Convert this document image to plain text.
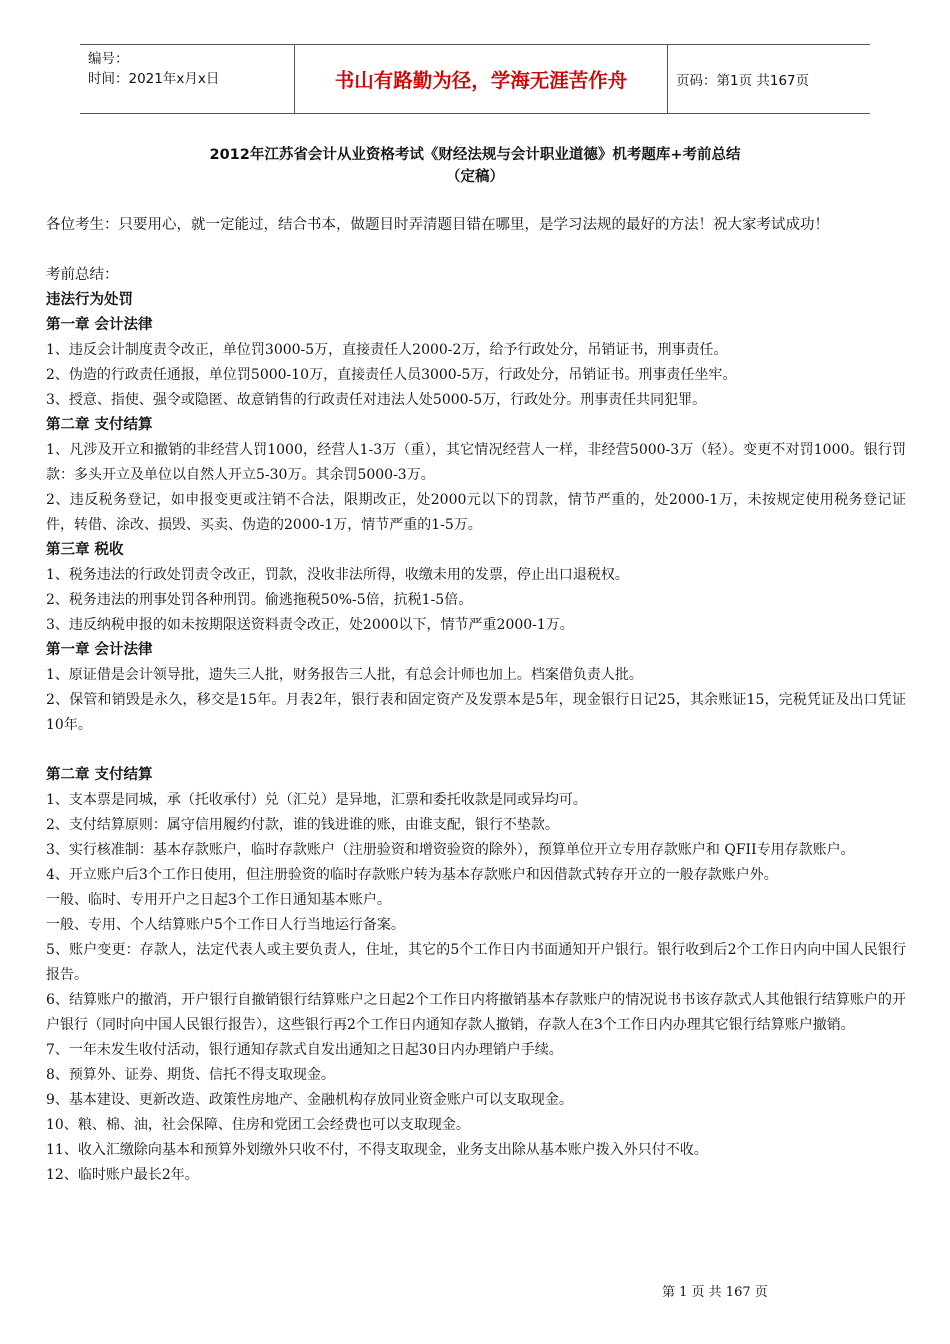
编号：
时间：2021年x月x日	书山有路勤为径，学海无涯苦作舟	页码：第1页 共167页
2012年江苏省会计从业资格考试《财经法规与会计职业道德》机考题库+考前总结
（定稿）

各位考生：只要用心，就一定能过，结合书本，做题目时弄清题目错在哪里，是学习法规的最好的方法！祝大家考试成功！

考前总结：

违法行为处罚

第一章 会计法律

1、违反会计制度责令改正，单位罚3000-5万，直接责任人2000-2万，给予行政处分，吊销证书，刑事责任。

2、伪造的行政责任通报，单位罚5000-10万，直接责任人员3000-5万，行政处分，吊销证书。刑事责任坐牢。

3、授意、指使、强令或隐匿、故意销售的行政责任对违法人处5000-5万，行政处分。刑事责任共同犯罪。

第二章 支付结算

1、凡涉及开立和撤销的非经营人罚1000，经营人1-3万（重），其它情况经营人一样，非经营5000-3万（轻）。变更不对罚1000。银行罚款：多头开立及单位以自然人开立5-30万。其余罚5000-3万。

2、违反税务登记，如申报变更或注销不合法，限期改正，处2000元以下的罚款，情节严重的，处2000-1万，未按规定使用税务登记证件，转借、涂改、损毁、买卖、伪造的2000-1万，情节严重的1-5万。

第三章 税收

1、税务违法的行政处罚责令改正，罚款，没收非法所得，收缴未用的发票，停止出口退税权。

2、税务违法的刑事处罚各种刑罚。偷逃拖税50%-5倍，抗税1-5倍。

3、违反纳税申报的如未按期限送资料责令改正，处2000以下，情节严重2000-1万。

第一章 会计法律

1、原证借是会计领导批，遗失三人批，财务报告三人批，有总会计师也加上。档案借负责人批。

2、保管和销毁是永久，移交是15年。月表2年，银行表和固定资产及发票本是5年，现金银行日记25，其余账证15，完税凭证及出口凭证10年。

第二章 支付结算

1、支本票是同城，承（托收承付）兑（汇兑）是异地，汇票和委托收款是同或异均可。

2、支付结算原则：属守信用履约付款，谁的钱进谁的账，由谁支配，银行不垫款。

3、实行核准制：基本存款账户，临时存款账户（注册验资和增资验资的除外），预算单位开立专用存款账户和 QFII专用存款账户。

4、开立账户后3个工作日使用，但注册验资的临时存款账户转为基本存款账户和因借款式转存开立的一般存款账户外。

一般、临时、专用开户之日起3个工作日通知基本账户。

一般、专用、个人结算账户5个工作日人行当地运行备案。

5、账户变更：存款人，法定代表人或主要负责人，住址，其它的5个工作日内书面通知开户银行。银行收到后2个工作日内向中国人民银行报告。

6、结算账户的撤消，开户银行自撤销银行结算账户之日起2个工作日内将撤销基本存款账户的情况说书书该存款式人其他银行结算账户的开户银行（同时向中国人民银行报告），这些银行再2个工作日内通知存款人撤销，存款人在3个工作日内办理其它银行结算账户撤销。

7、一年未发生收付活动，银行通知存款式自发出通知之日起30日内办理销户手续。

8、预算外、证券、期货、信托不得支取现金。

9、基本建设、更新改造、政策性房地产、金融机构存放同业资金账户可以支取现金。

10、粮、棉、油，社会保障、住房和党团工会经费也可以支取现金。

11、收入汇缴除向基本和预算外划缴外只收不付，不得支取现金，业务支出除从基本账户拨入外只付不收。

12、临时账户最长2年。

第 1 页 共 167 页
